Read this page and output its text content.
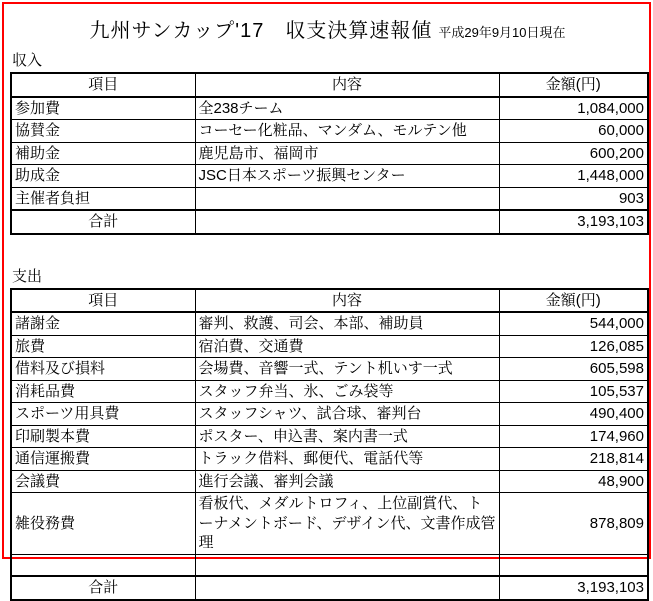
九州サンカップ'17　収支決算速報値 平成29年9月10日現在
収入
項目	内容	金額(円)
参加費	全238チーム	1,084,000
協賛金	コーセー化粧品、マンダム、モルテン他	60,000
補助金	鹿児島市、福岡市	600,200
助成金	JSC日本スポーツ振興センター	1,448,000
主催者負担		903
合計		3,193,103
支出
項目	内容	金額(円)
諸謝金	審判、救護、司会、本部、補助員	544,000
旅費	宿泊費、交通費	126,085
借料及び損料	会場費、音響一式、テント机いす一式	605,598
消耗品費	スタッフ弁当、氷、ごみ袋等	105,537
スポーツ用具費	スタッフシャツ、試合球、審判台	490,400
印刷製本費	ポスター、申込書、案内書一式	174,960
通信運搬費	トラック借料、郵便代、電話代等	218,814
会議費	進行会議、審判会議	48,900
雑役務費	看板代、メダルトロフィ、上位副賞代、トーナメントボード、デザイン代、文書作成管理	878,809

合計		3,193,103
